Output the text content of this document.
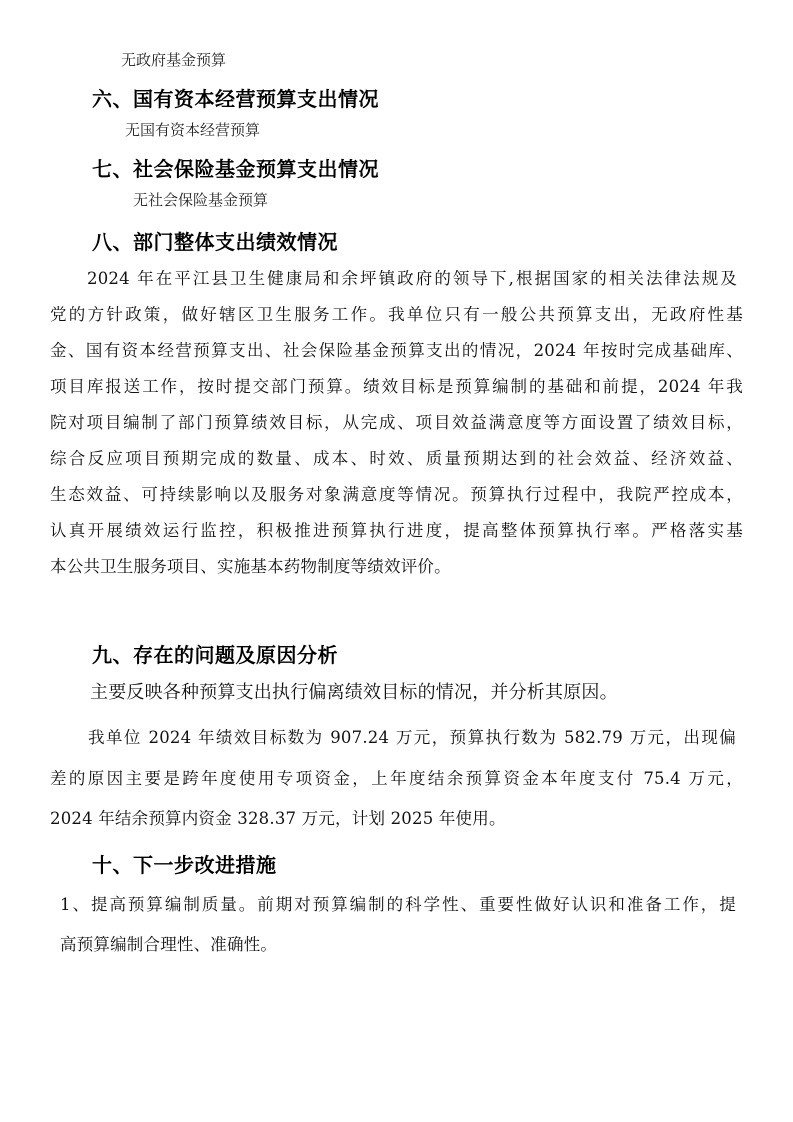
无政府基金预算
六、国有资本经营预算支出情况
无国有资本经营预算
七、社会保险基金预算支出情况
无社会保险基金预算
八、部门整体支出绩效情况
2024 年在平江县卫生健康局和余坪镇政府的领导下,根据国家的相关法律法规及
党的方针政策，做好辖区卫生服务工作。我单位只有一般公共预算支出，无政府性基
金、国有资本经营预算支出、社会保险基金预算支出的情况，2024 年按时完成基础库、
项目库报送工作，按时提交部门预算。绩效目标是预算编制的基础和前提，2024 年我
院对项目编制了部门预算绩效目标，从完成、项目效益满意度等方面设置了绩效目标，
综合反应项目预期完成的数量、成本、时效、质量预期达到的社会效益、经济效益、
生态效益、可持续影响以及服务对象满意度等情况。预算执行过程中，我院严控成本，
认真开展绩效运行监控，积极推进预算执行进度，提高整体预算执行率。严格落实基
本公共卫生服务项目、实施基本药物制度等绩效评价。
九、存在的问题及原因分析
主要反映各种预算支出执行偏离绩效目标的情况，并分析其原因。
我单位 2024 年绩效目标数为 907.24 万元，预算执行数为 582.79 万元，出现偏
差的原因主要是跨年度使用专项资金，上年度结余预算资金本年度支付 75.4 万元，
2024 年结余预算内资金 328.37 万元，计划 2025 年使用。
十、下一步改进措施
1、提高预算编制质量。前期对预算编制的科学性、重要性做好认识和准备工作，提
高预算编制合理性、准确性。
